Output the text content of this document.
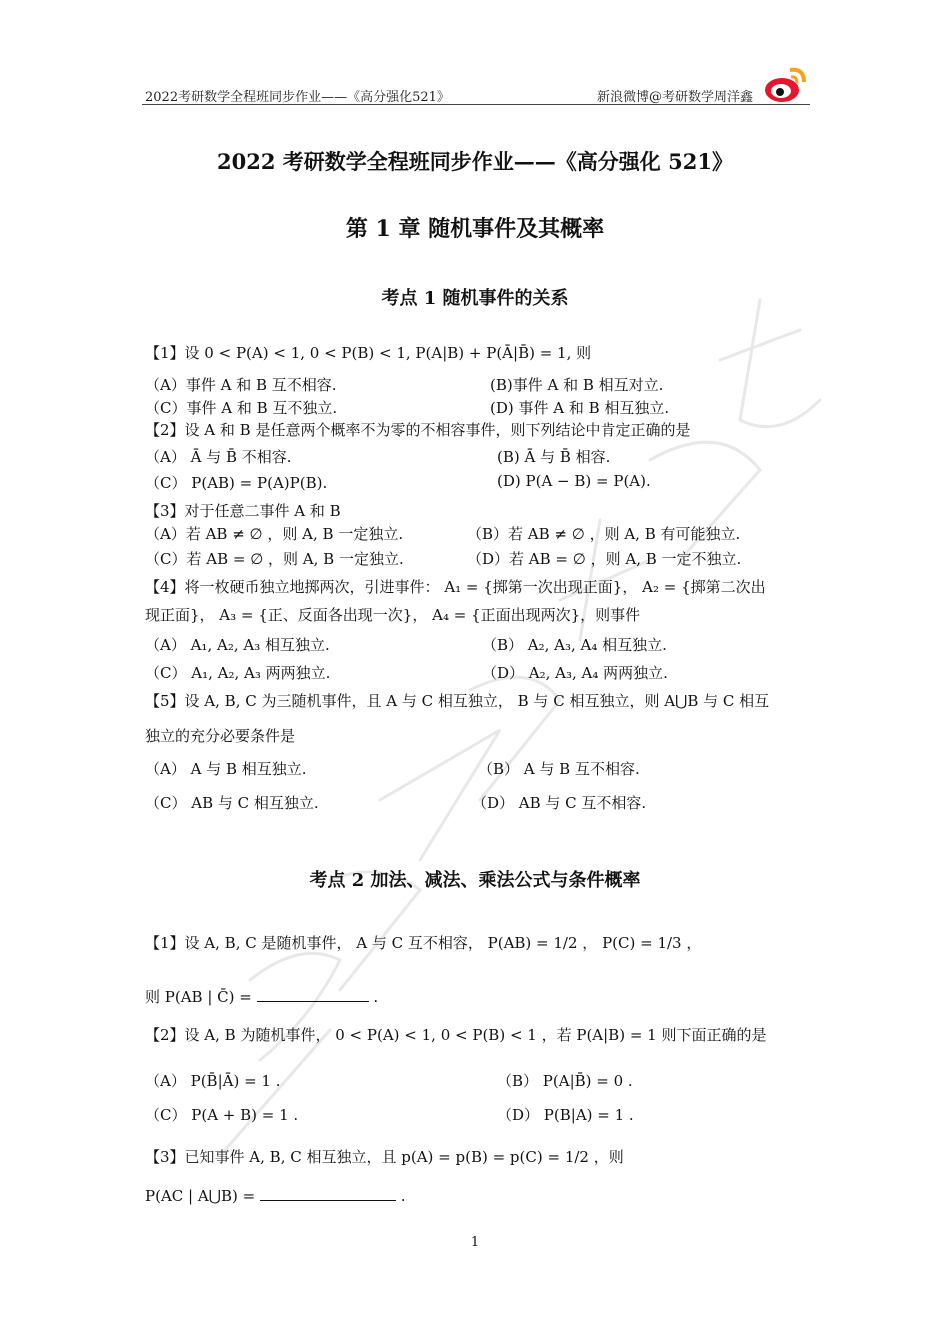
2022考研数学全程班同步作业——《高分强化521》	新浪微博@考研数学周洋鑫
2022 考研数学全程班同步作业——《高分强化 521》
第 1 章 随机事件及其概率
考点 1 随机事件的关系
【1】设 0 < P(A) < 1, 0 < P(B) < 1, P(A|B) + P(Ā|B̄) = 1, 则
（A）事件 A 和 B 互不相容.	(B)事件 A 和 B 相互对立.
（C）事件 A 和 B 互不独立.	(D) 事件 A 和 B 相互独立.
【2】设 A 和 B 是任意两个概率不为零的不相容事件，则下列结论中肯定正确的是
（A） Ā 与 B̄ 不相容.	(B) Ā 与 B̄ 相容.
（C） P(AB) = P(A)P(B).	(D) P(A − B) = P(A).
【3】对于任意二事件 A 和 B
（A）若 AB ≠ ∅ ，则 A, B 一定独立.	（B）若 AB ≠ ∅ ，则 A, B 有可能独立.
（C）若 AB = ∅ ，则 A, B 一定独立.	（D）若 AB = ∅ ，则 A, B 一定不独立.
【4】将一枚硬币独立地掷两次，引进事件： A₁ = {掷第一次出现正面}， A₂ = {掷第二次出
现正面}， A₃ = {正、反面各出现一次}， A₄ = {正面出现两次}，则事件
（A） A₁, A₂, A₃ 相互独立.	（B） A₂, A₃, A₄ 相互独立.
（C） A₁, A₂, A₃ 两两独立.	（D） A₂, A₃, A₄ 两两独立.
【5】设 A, B, C 为三随机事件，且 A 与 C 相互独立， B 与 C 相互独立，则 A⋃B 与 C 相互
独立的充分必要条件是
（A） A 与 B 相互独立.	（B） A 与 B 互不相容.
（C） AB 与 C 相互独立.	（D） AB 与 C 互不相容.
考点 2 加法、减法、乘法公式与条件概率
【1】设 A, B, C 是随机事件， A 与 C 互不相容， P(AB) = 1/2 ， P(C) = 1/3 ，
则 P(AB | C̄) =	.
【2】设 A, B 为随机事件， 0 < P(A) < 1, 0 < P(B) < 1 ，若 P(A|B) = 1 则下面正确的是
（A） P(B̄|Ā) = 1 .	（B） P(A|B̄) = 0 .
（C） P(A + B) = 1 .	（D） P(B|A) = 1 .
【3】已知事件 A, B, C 相互独立，且 p(A) = p(B) = p(C) = 1/2 ，则
P(AC | A⋃B) =	.
1
